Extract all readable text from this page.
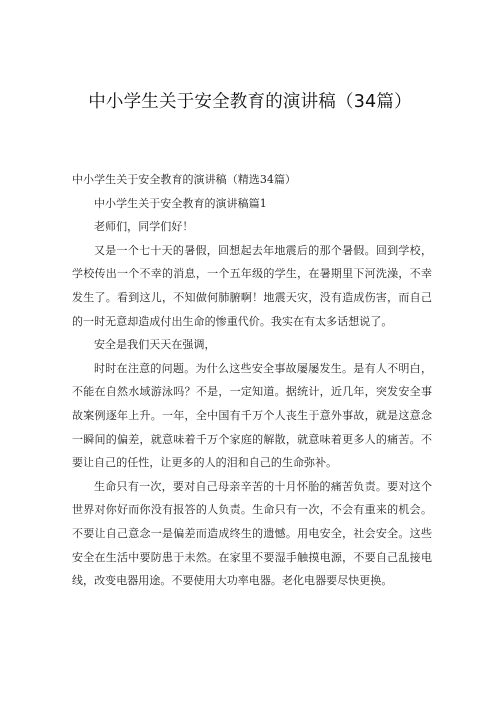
中小学生关于安全教育的演讲稿（34篇）

中小学生关于安全教育的演讲稿（精选34篇）

中小学生关于安全教育的演讲稿篇1

老师们，同学们好！

又是一个七十天的暑假，回想起去年地震后的那个暑假。回到学校，学校传出一个不幸的消息，一个五年级的学生，在暑期里下河洗澡，不幸发生了。看到这儿，不知做何肺腑啊！地震天灾，没有造成伤害，而自己的一时无意却造成付出生命的惨重代价。我实在有太多话想说了。

安全是我们天天在强调，

时时在注意的问题。为什么这些安全事故屡屡发生。是有人不明白，不能在自然水域游泳吗？不是，一定知道。据统计，近几年，突发安全事故案例逐年上升。一年，全中国有千万个人丧生于意外事故，就是这意念一瞬间的偏差，就意味着千万个家庭的解散，就意味着更多人的痛苦。不要让自己的任性，让更多的人的泪和自己的生命弥补。

生命只有一次，要对自己母亲辛苦的十月怀胎的痛苦负责。要对这个世界对你好而你没有报答的人负责。生命只有一次，不会有重来的机会。不要让自己意念一是偏差而造成终生的遗憾。用电安全，社会安全。这些安全在生活中要防患于未然。在家里不要湿手触摸电源，不要自己乱接电线，改变电器用途。不要使用大功率电器。老化电器要尽快更换。
